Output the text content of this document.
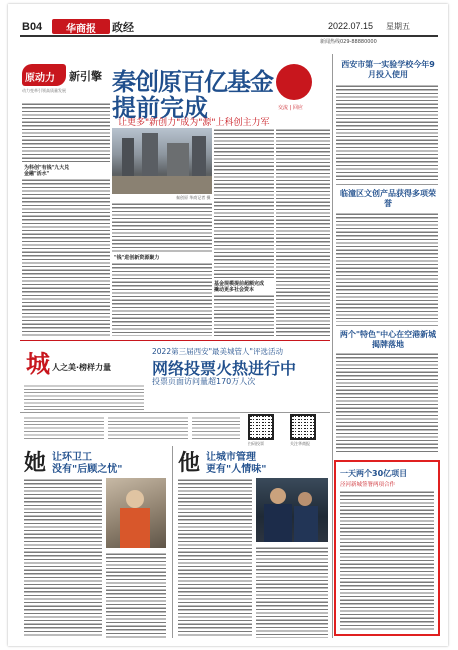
B04 华商报 政经	2022.07.15 星期五
新闻热线029-88880000
原动力 新引擎
动力变革引领高质量发展 秦创原百亿基金
提前完成	交流 | 回应
让更多"新创力"成为"源"上科创主力军
为科创"有钱"九大兑
金融"活水"
秦创原 华商记者 摄
"钱"进创新资源聚力
基金规模提前超额完成
撬动更多社会资本
西安市第一实验学校今年9月投入使用
临潼区文创产品获得多项荣誉
两个"特色"中心在空港新城揭牌落地
城 人之美·榜样力量
2022第三届西安"最美城管人"评选活动
网络投票火热进行中
投票页面访问量超170万人次
扫码投票	关注华商报
她 让环卫工
没有"后顾之忧"	他 让城市管理
更有"人情味"	一天两个30亿项目
泾河新城签署两项合作
